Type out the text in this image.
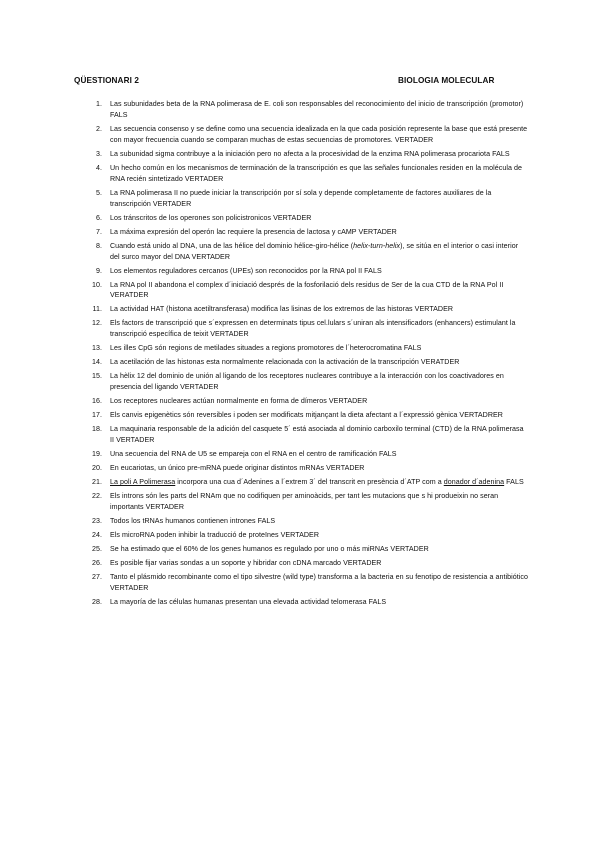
QÜESTIONARI 2	BIOLOGIA MOLECULAR
1. Las subunidades beta de la RNA polimerasa de E. coli son responsables del reconocimiento del inicio de transcripción (promotor) FALS
2. Las secuencia consenso y se define como una secuencia idealizada en la que cada posición represente la base que está presente con mayor frecuencia cuando se comparan muchas de estas secuencias de promotores. VERTADER
3. La subunidad sigma contribuye a la iniciación pero no afecta a la procesividad de la enzima RNA polimerasa procariota FALS
4. Un hecho común en los mecanismos de terminación de la transcripción es que las señales funcionales residen en la molécula de RNA recién sintetizado VERTADER
5. La RNA polimerasa II no puede iniciar la transcripción por sí sola y depende completamente de factores auxiliares de la transcripción VERTADER
6. Los tránscritos de los operones son policistronicos VERTADER
7. La máxima expresión del operón lac requiere la presencia de lactosa y cAMP VERTADER
8. Cuando está unido al DNA, una de las hélice del dominio hélice-giro-hélice (helix-turn-helix), se sitúa en el interior o casi interior del surco mayor del DNA VERTADER
9. Los elementos reguladores cercanos (UPEs) son reconocidos por la RNA pol II FALS
10. La RNA pol II abandona el complex d´iniciació després de la fosforilació dels residus de Ser de la cua CTD de la RNA Pol II VERATDER
11. La actividad HAT (histona acetiltransferasa) modifica las lisinas de los extremos de las historas VERTADER
12. Els factors de transcripció que s´expressen en determinats tipus cel.lulars s´uniran als intensificadors (enhancers) estimulant la transcripció específica de teixit VERTADER
13. Les illes CpG són regions de metilades situades a regions promotores de l´heterocromatina FALS
14. La acetilación de las histonas esta normalmente relacionada con la activación de la transcripción VERATDER
15. La hèlix 12 del dominio de unión al ligando de los receptores nucleares contribuye a la interacción con los coactivadores en presencia del ligando VERTADER
16. Los receptores nucleares actúan normalmente en forma de dímeros VERTADER
17. Els canvis epigenètics són reversibles i poden ser modificats mitjançant la dieta afectant a l´expressió gènica VERTADRER
18. La maquinaria responsable de la adición del casquete 5´ está asociada al dominio carboxilo terminal (CTD) de la RNA polimerasa II VERTADER
19. Una secuencia del RNA de U5 se empareja con el RNA en el centro de ramificación FALS
20. En eucariotas, un único pre-mRNA puede originar distintos mRNAs VERTADER
21. La poli A Polimerasa incorpora una cua d´Adenines a l´extrem 3´ del transcrit en presència d´ATP com a donador d´adenina FALS
22. Els introns són les parts del RNAm que no codifiquen per aminoàcids, per tant les mutacions que s hi produeixin no seran importants VERTADER
23. Todos los tRNAs humanos contienen intrones FALS
24. Els microRNA poden inhibir la traducció de proteïnes VERTADER
25. Se ha estimado que el 60% de los genes humanos es regulado por uno o más miRNAs VERTADER
26. Es posible fijar varias sondas a un soporte y hibridar con cDNA marcado VERTADER
27. Tanto el plásmido recombinante como el tipo silvestre (wild type) transforma a la bacteria en su fenotipo de resistencia a antibiótico VERTADER
28. La mayoría de las células humanas presentan una elevada actividad telomerasa FALS
